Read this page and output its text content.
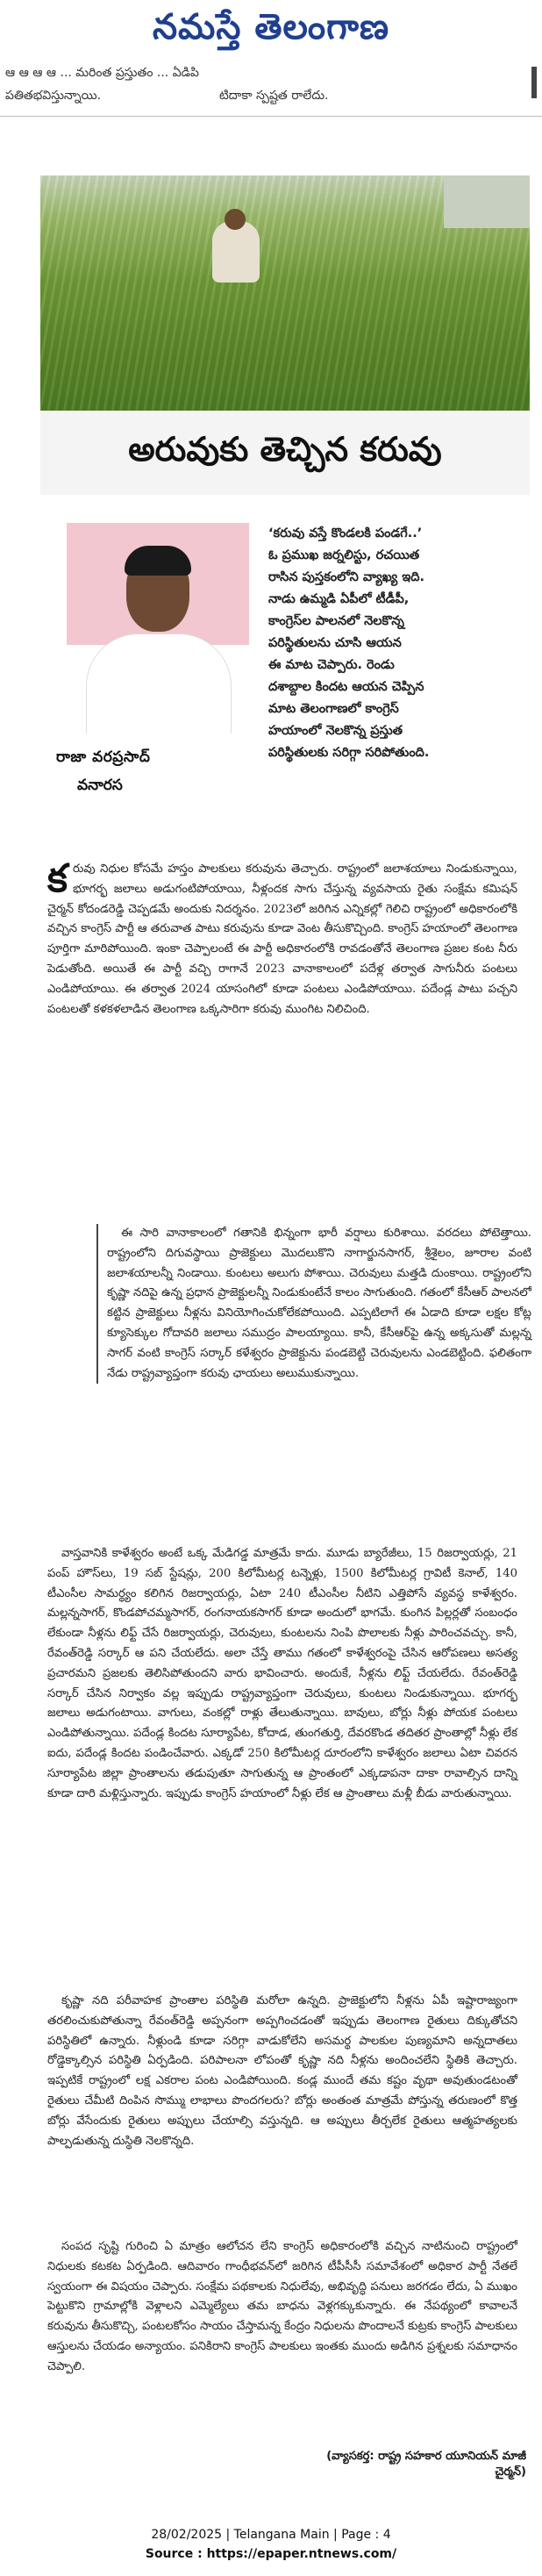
నమస్తే తెలంగాణ
ఆ ఆ ఆ ఆ ... మరింత ప్రస్తుతం ... ఏడిపి
పతితభవిస్తున్నాయి.	టిదాకా స్పష్టత రాలేదు.
అరువుకు తెచ్చిన కరువు
రాజా వరప్రసాద్
వనారస

‘కరువు వస్తే కొండలకి పండగే..’

ఓ ప్రముఖ జర్నలిస్టు, రచయిత

రాసిన పుస్తకంలోని వ్యాఖ్య ఇది.

నాడు ఉమ్మడి ఏపీలో టీడీపీ,

కాంగ్రెస్‌ల పాలనలో నెలకొన్న

పరిస్థితులను చూసి ఆయన

ఈ మాట చెప్పారు. రెండు

దశాబ్దాల కిందట ఆయన చెప్పిన

మాట తెలంగాణలో కాంగ్రెస్

హయాంలో నెలకొన్న ప్రస్తుత

పరిస్థితులకు సరిగ్గా సరిపోతుంది.

క రువు నిధుల కోసమే హస్తం పాలకులు కరువును తెచ్చారు. రాష్ట్రంలో జలాశయాలు నిండుకున్నాయి, భూగర్భ జలాలు అడుగంటిపోయాయి, నీళ్లందక సాగు చేస్తున్న వ్యవసాయ రైతు సంక్షేమ కమిషన్ చైర్మన్ కోదండరెడ్డి చెప్పడమే అందుకు నిదర్శనం. 2023లో జరిగిన ఎన్నికల్లో గెలిచి రాష్ట్రంలో అధికారంలోకి వచ్చిన కాంగ్రెస్ పార్టీ ఆ తరువాత పాటు కరువును కూడా వెంట తీసుకొచ్చింది. కాంగ్రెస్ హయాంలో తెలంగాణ పూర్తిగా మారిపోయింది. ఇంకా చెప్పాలంటే ఈ పార్టీ అధికారంలోకి రావడంతోనే తెలంగాణ ప్రజల కంట నీరు పెడుతోంది. అయితే ఈ పార్టీ వచ్చి రాగానే 2023 వానాకాలంలో పదేళ్ల తర్వాత సాగునీరు పంటలు ఎండిపోయాయి. ఈ తర్వాత 2024 యాసంగిలో కూడా పంటలు ఎండిపోయాయి. పదేండ్ల పాటు పచ్చని పంటలతో కళకళలాడిన తెలంగాణ ఒక్కసారిగా కరువు ముంగిట నిలిచింది.

ఈ సారి వానాకాలంలో గతానికి భిన్నంగా భారీ వర్షాలు కురిశాయి. వరదలు పోటెత్తాయి. రాష్ట్రంలోని దిగువస్థాయి ప్రాజెక్టులు మొదలుకొని నాగార్జునసాగర్, శ్రీశైలం, జూరాల వంటి జలాశయాలన్నీ నిండాయి. కుంటలు అలుగు పోశాయి. చెరువులు మత్తడి దుంకాయి. రాష్ట్రంలోని కృష్ణా నదిపై ఉన్న ప్రధాన ప్రాజెక్టులన్నీ నిండుకుంటేనే కాలం సాగుతుంది. గతంలో కేసీఆర్ పాలనలో కట్టిన ప్రాజెక్టులు నీళ్లను వినియోగించుకోలేకపోయింది. ఎప్పటిలాగే ఈ ఏడాది కూడా లక్షల కోట్ల క్యూసెక్కుల గోదావరి జలాలు సముద్రం పాలయ్యాయి. కానీ, కేసీఆర్‌పై ఉన్న అక్కసుతో మల్లన్న సాగర్ వంటి కాంగ్రెస్ సర్కార్ కళేశ్వరం ప్రాజెక్టును పండబెట్టి చెరువులను ఎండబెట్టింది. ఫలితంగా నేడు రాష్ట్రవ్యాప్తంగా కరువు ఛాయలు అలుముకున్నాయి.

వాస్తవానికి కాళేశ్వరం అంటే ఒక్క మేడిగడ్డ మాత్రమే కాదు. మూడు బ్యారేజీలు, 15 రిజర్వాయర్లు, 21 పంప్ హౌస్‌లు, 19 సబ్ స్టేషన్లు, 200 కిలోమీటర్ల టన్నెళ్లు, 1500 కిలోమీటర్ల గ్రావిటీ కెనాల్, 140 టీఎంసీల సామర్థ్యం కలిగిన రిజర్వాయర్లు, ఏటా 240 టీఎంసీల నీటిని ఎత్తిపోసే వ్యవస్థ కాళేశ్వరం. మల్లన్నసాగర్, కొండపోచమ్మసాగర్, రంగనాయకసాగర్ కూడా అందులో భాగమే. కుంగిన పిల్లర్లతో సంబంధం లేకుండా నీళ్లను లిఫ్ట్ చేసే రిజర్వాయర్లు, చెరువులు, కుంటలను నింపి పొలాలకు నీళ్లు పారించవచ్చు. కానీ, రేవంత్‌రెడ్డి సర్కార్ ఆ పని చేయలేదు. అలా చేస్తే తాము గతంలో కాళేశ్వరంపై చేసిన ఆరోపణలు అసత్య ప్రచారమని ప్రజలకు తెలిసిపోతుందని వారు భావించారు. అందుకే, నీళ్లను లిఫ్ట్ చేయలేదు. రేవంత్‌రెడ్డి సర్కార్ చేసిన నిర్వాకం వల్ల ఇప్పుడు రాష్ట్రవ్యాప్తంగా చెరువులు, కుంటలు నిండుకున్నాయి. భూగర్భ జలాలు అడుగంటాయి. వాగులు, వంకల్లో రాళ్లు తేలుతున్నాయి. బావులు, బోర్లు నీళ్లు పోయక పంటలు ఎండిపోతున్నాయి. పదేండ్ల కిందట సూర్యాపేట, కోదాడ, తుంగతుర్తి, దేవరకొండ తదితర ప్రాంతాల్లో నీళ్లు లేక ఐదు, పదేండ్ల కిందట పండించేవారు. ఎక్కడో 250 కిలోమీటర్ల దూరంలోని కాళేశ్వరం జలాలు ఏటా చివరన సూర్యాపేట జిల్లా ప్రాంతాలను తడుపుతూ సాగుతున్న ఆ ప్రాంతంలో ఎక్కడాపనా దాకా రావాల్సిన దాన్ని కూడా దారి మళ్లిస్తున్నారు. ఇప్పుడు కాంగ్రెస్ హయాంలో నీళ్లు లేక ఆ ప్రాంతాలు మళ్లీ బీడు వారుతున్నాయి.

కృష్ణా నది పరీవాహక ప్రాంతాల పరిస్థితి మరోలా ఉన్నది. ప్రాజెక్టులోని నీళ్లను ఏపీ ఇష్టారాజ్యంగా తరలించుకుపోతున్నా రేవంత్‌రెడ్డి అప్పనంగా అప్పగించడంతో ఇప్పుడు తెలంగాణ రైతులు దిక్కుతోచని పరిస్థితిలో ఉన్నారు. నీళ్లుండి కూడా సరిగ్గా వాడుకోలేని అసమర్థ పాలకుల పుణ్యమాని అన్నదాతలు రోడ్డెక్కాల్సిన పరిస్థితి ఏర్పడింది. పరిపాలనా లోపంతో కృష్ణా నది నీళ్లను అందించలేని స్థితికి తెచ్చారు. ఇప్పటికే రాష్ట్రంలో లక్ష ఎకరాల పంట ఎండిపోయింది. కండ్ల ముందే తమ కష్టం వృథా అవుతుండటంతో రైతులు చేమీటి దింపిన సొమ్ము లాభాలు పొందగలరు? బోర్లు అంతంత మాత్రమే పోస్తున్న తరుణంలో కొత్త బోర్లు వేసేందుకు రైతులు అప్పులు చేయాల్సి వస్తున్నది. ఆ అప్పులు తీర్చలేక రైతులు ఆత్మహత్యలకు పాల్పడుతున్న దుస్థితి నెలకొన్నది.

సంపద సృష్టి గురించి ఏ మాత్రం ఆలోచన లేని కాంగ్రెస్ అధికారంలోకి వచ్చిన నాటినుంచి రాష్ట్రంలో నిధులకు కటకట ఏర్పడింది. ఆదివారం గాంధీభవన్‌లో జరిగిన టీపీసీసీ సమావేశంలో అధికార పార్టీ నేతలే స్వయంగా ఈ విషయం చెప్పారు. సంక్షేమ పథకాలకు నిధులేవు, అభివృద్ధి పనులు జరగడం లేదు, ఏ ముఖం పెట్టుకొని గ్రామాల్లోకి వెళ్లాలని ఎమ్మెల్యేలు తమ బాధను వెళ్లగక్కుకున్నారు. ఈ నేపథ్యంలో కావాలనే కరువును తీసుకొచ్చి, పంటలకోసం సాయం చేస్తామన్న కేంద్రం నిధులను పొందాలనే కుట్రకు కాంగ్రెస్ పాలకులు ఆస్తులను చేయడం అన్యాయం. పనికిరాని కాంగ్రెస్ పాలకులు ఇంతకు ముందు అడిగిన ప్రశ్నలకు సమాధానం చెప్పాలి.

(వ్యాసకర్త: రాష్ట్ర సహకార యూనియన్ మాజీ చైర్మన్)
28/02/2025 | Telangana Main | Page : 4
Source : https://epaper.ntnews.com/
